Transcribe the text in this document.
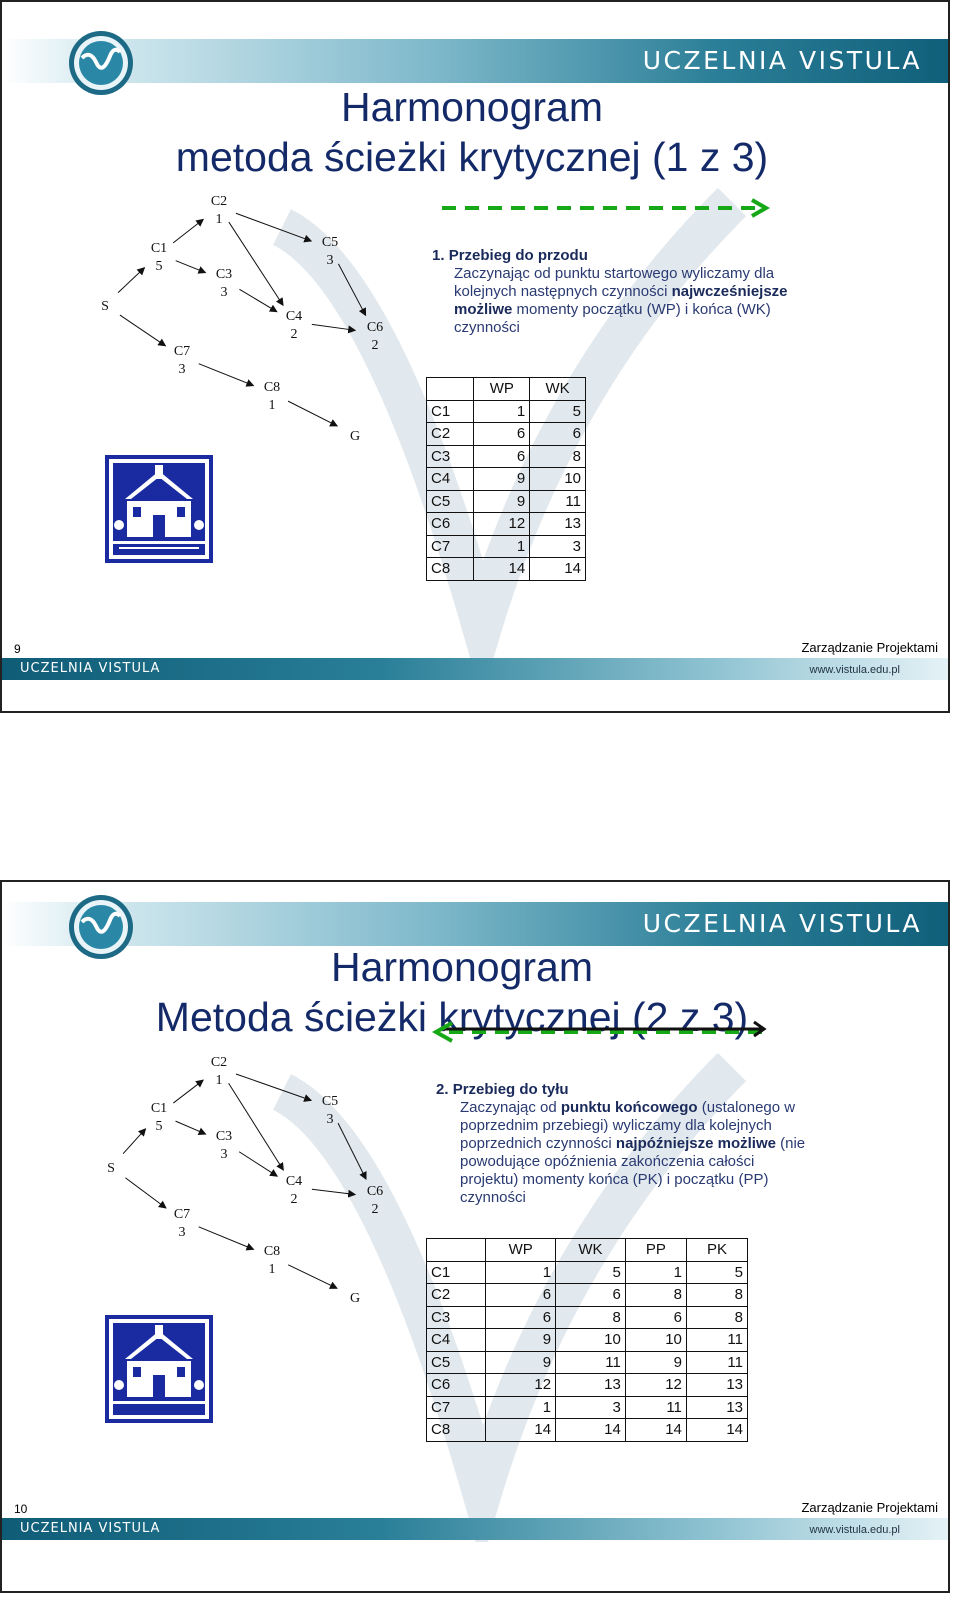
UCZELNIA VISTULA
Harmonogram
metoda ścieżki krytycznej (1 z 3)
S
C1
5
C2
1
C3
3
C4
2
C5
3
C6
2
C7
3
C8
1
G
1. Przebieg do przodu

Zaczynając od punktu startowego wyliczamy dla kolejnych następnych czynności najwcześniejsze możliwe momenty początku (WP) i końca (WK) czynności
	WP	WK
C1	1	5
C2	6	6
C3	6	8
C4	9	10
C5	9	11
C6	12	13
C7	1	3
C8	14	14
9	Zarządzanie Projektami
UCZELNIA VISTULA	www.vistula.edu.pl
UCZELNIA VISTULA
Harmonogram
Metoda ścieżki krytycznej (2 z 3)
S
C1
5
C2
1
C3
3
C4
2
C5
3
C6
2
C7
3
C8
1
G
2. Przebieg do tyłu

Zaczynając od punktu końcowego (ustalonego w poprzednim przebiegi) wyliczamy dla kolejnych poprzednich czynności najpóźniejsze możliwe (nie powodujące opóźnienia zakończenia całości projektu) momenty końca (PK) i początku (PP) czynności
	WP	WK	PP	PK
C1	1	5	1	5
C2	6	6	8	8
C3	6	8	6	8
C4	9	10	10	11
C5	9	11	9	11
C6	12	13	12	13
C7	1	3	11	13
C8	14	14	14	14
10	Zarządzanie Projektami
UCZELNIA VISTULA	www.vistula.edu.pl
